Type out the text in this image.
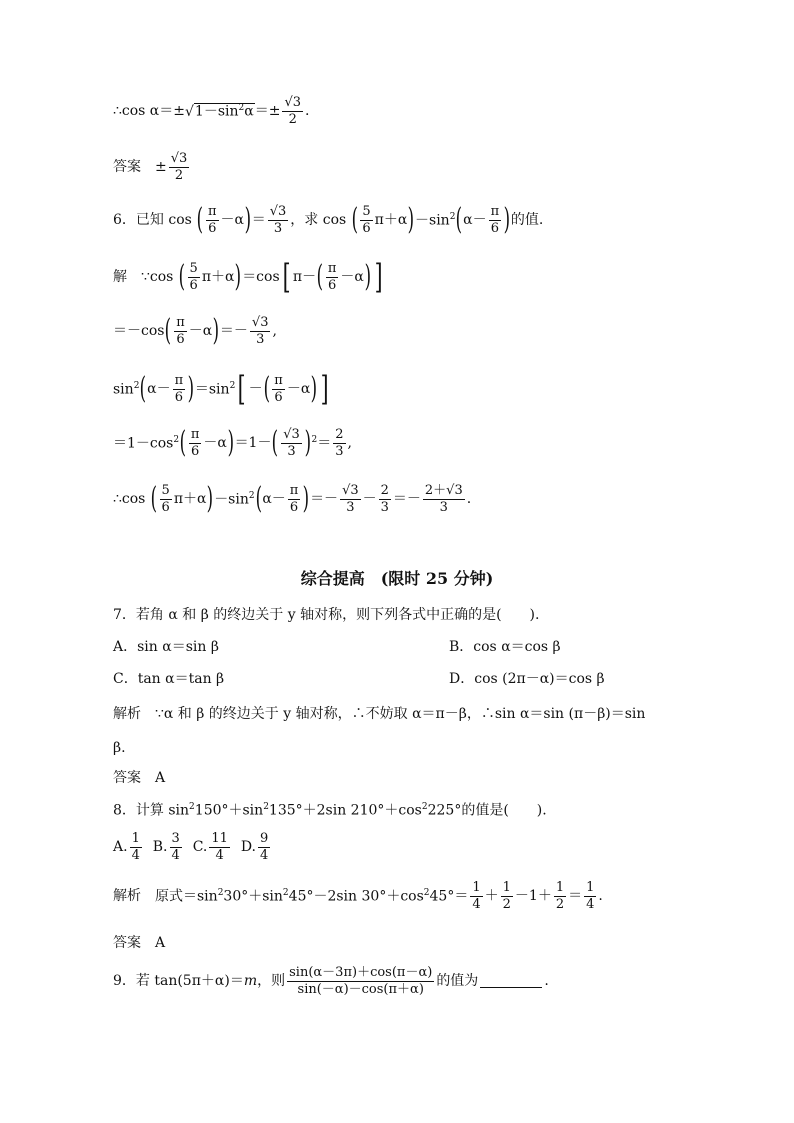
∴cos α＝± √ $1-\sin^2\alpha =\pm \frac{√3}{2}$ .
答案 ± $\frac{√3}{2}$
6．已知 cos
( $\frac{\pi}{6} -\alpha$ ) ＝ $\frac{√3}{3}$ ，求 cos
( $\frac{5}{6} \pi+\alpha$ ) $-\sin^2$ ( $\alpha- \frac{\pi}{6}$ ) 的值.
解 ∵cos ( $\frac{5}{6} \pi+\alpha$ ) ＝cos [ π－ ( $\frac{\pi}{6} -\alpha$ ) ]
＝－cos ( $\frac{\pi}{6} -\alpha$ ) ＝－ $\frac{√3}{3}$ ,
$\sin^2$ ( $\alpha- \frac{\pi}{6}$ ) $=\sin^2$ [ － ( $\frac{\pi}{6} -\alpha$ ) ]
$=1-\cos^2$ ( $\frac{\pi}{6} -\alpha$ ) ＝1－ ( $\frac{√3}{3}$ ) $^2= \frac{2}{3}$ ,
∴cos ( $\frac{5}{6} \pi+\alpha$ ) $-\sin^2$ ( $\alpha- \frac{\pi}{6}$ ) ＝－ $\frac{√3}{3} - \frac{2}{3} =- \frac{2+√3}{3}$ .
综合提高　(限时 25 分钟)
7．若角 α 和 β 的终边关于 y 轴对称，则下列各式中正确的是(　　).
A．sin α＝sin β	B．cos α＝cos β
C．tan α＝tan β	D．cos (2π－α)＝cos β
解析 ∵α 和 β 的终边关于 y 轴对称，∴不妨取 α＝π－β，∴sin α＝sin (π－β)＝sin
β.
答案 A
8．计算 $\sin^2150^\circ+\sin^2135^\circ+2\sin$ $210^\circ+\cos^2225^\circ$的值是(　　).
A. $\frac{1}{4}$
B. $\frac{3}{4}$
C. $\frac{11}{4}$
D. $\frac{9}{4}$
解析 原式$=\sin^230^\circ+\sin^245^\circ-2\sin$ $30^\circ+\cos^245^\circ= \frac{1}{4} + \frac{1}{2} -1+ \frac{1}{2} = \frac{1}{4}$ .
答案 A
9．若 tan(5π＋α)＝m，则 $\frac{\sin(\alpha-3\pi)+\cos(\pi-\alpha)}{\sin(-\alpha)-\cos(\pi+\alpha)}$ 的值为	.
